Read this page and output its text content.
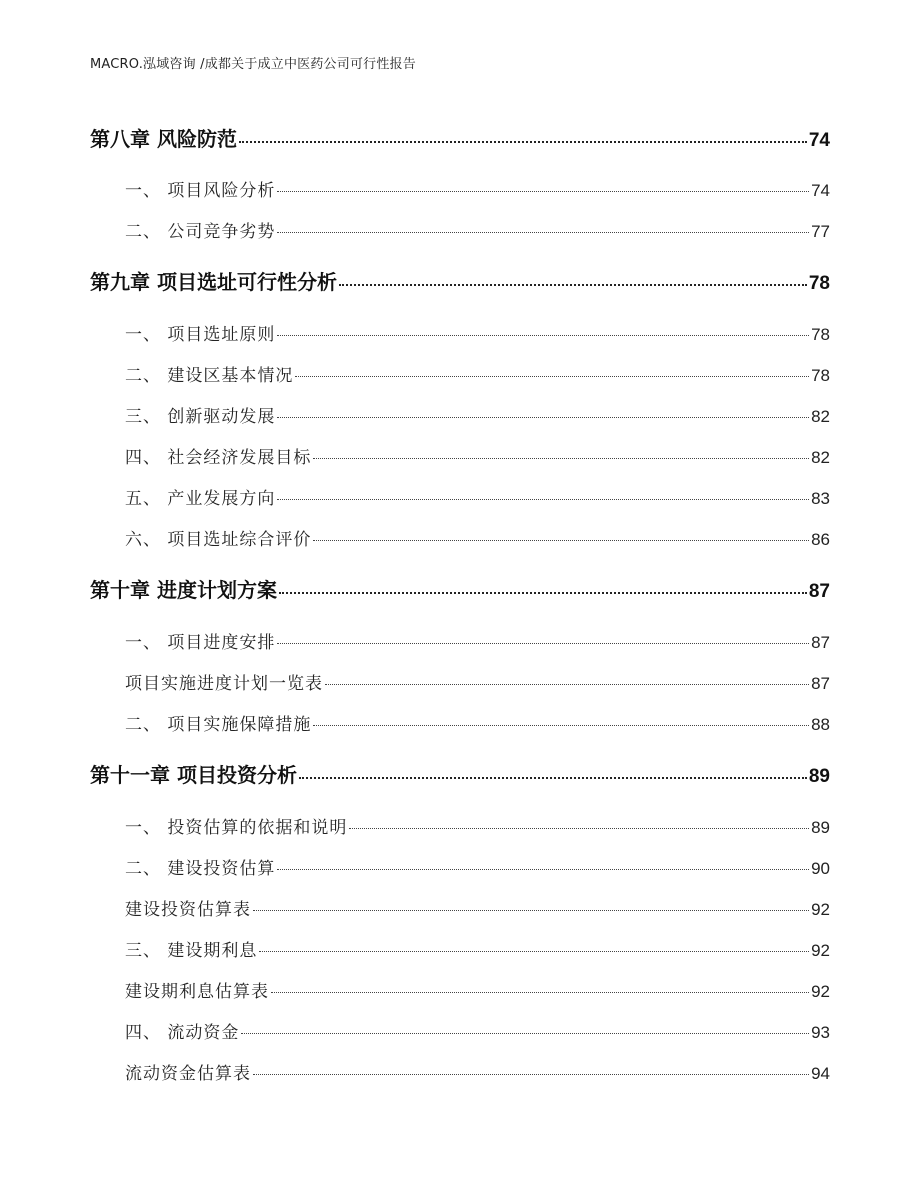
MACRO.泓域咨询 /成都关于成立中医药公司可行性报告
第八章 风险防范	74
一、 项目风险分析	74
二、 公司竞争劣势	77
第九章 项目选址可行性分析	78
一、 项目选址原则	78
二、 建设区基本情况	78
三、 创新驱动发展	82
四、 社会经济发展目标	82
五、 产业发展方向	83
六、 项目选址综合评价	86
第十章 进度计划方案	87
一、 项目进度安排	87
项目实施进度计划一览表	87
二、 项目实施保障措施	88
第十一章 项目投资分析	89
一、 投资估算的依据和说明	89
二、 建设投资估算	90
建设投资估算表	92
三、 建设期利息	92
建设期利息估算表	92
四、 流动资金	93
流动资金估算表	94
